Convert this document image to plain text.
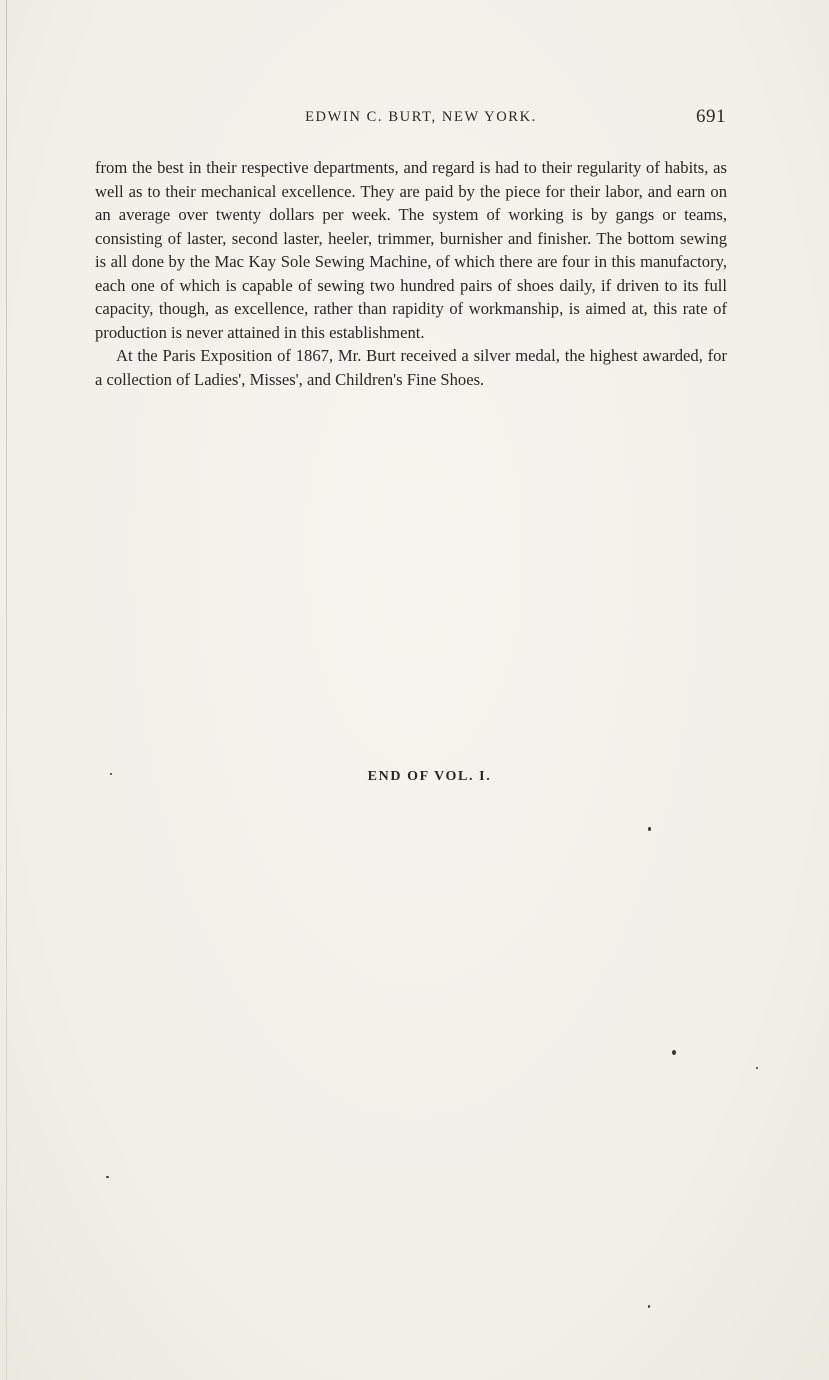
EDWIN C. BURT, NEW YORK.	691

from the best in their respective departments, and regard is had to their regularity of habits, as well as to their mechanical excellence. They are paid by the piece for their labor, and earn on an average over twenty dollars per week. The system of working is by gangs or teams, consisting of laster, second laster, heeler, trimmer, burnisher and finisher. The bottom sewing is all done by the Mac Kay Sole Sewing Machine, of which there are four in this manufactory, each one of which is capable of sewing two hundred pairs of shoes daily, if driven to its full capacity, though, as excellence, rather than rapidity of workmanship, is aimed at, this rate of production is never attained in this establishment.

At the Paris Exposition of 1867, Mr. Burt received a silver medal, the highest awarded, for a collection of Ladies', Misses', and Children's Fine Shoes.

END OF VOL. I.
